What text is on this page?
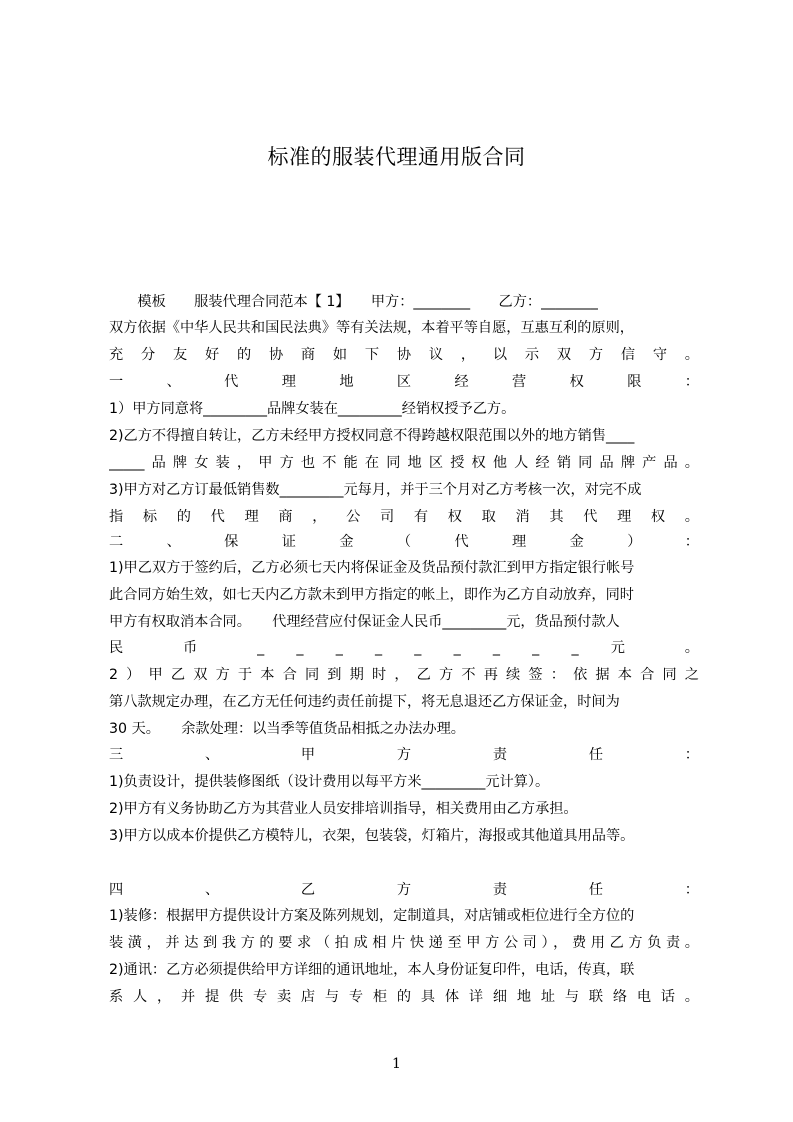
标准的服装代理通用版合同
　　模板　　服装代理合同范本【 1】　　甲方：________　　乙方：________
双方依据《中华人民共和国民法典》等有关法规，本着平等自愿，互惠互利的原则，
充 分 友 好 的 协 商 如 下 协 议 ， 以 示 双 方 信 守 。
一 、 代 理 地 区 经 营 权 限 ：
1）甲方同意将_________品牌女装在_________经销权授予乙方。
2)乙方不得擅自转让，乙方未经甲方授权同意不得跨越权限范围以外的地方销售____
_____品牌女装，甲方也不能在同地区授权他人经销同品牌产品。
3)甲方对乙方订最低销售数_________元每月，并于三个月对乙方考核一次，对完不成
指 标 的 代 理 商 ， 公 司 有 权 取 消 其 代 理 权 。
二 、 保 证 金 （ 代 理 金 ） ：
1)甲乙双方于签约后，乙方必须七天内将保证金及货品预付款汇到甲方指定银行帐号
此合同方始生效，如七天内乙方款未到甲方指定的帐上，即作为乙方自动放弃，同时
甲方有权取消本合同。　　代理经营应付保证金人民币_________元，货品预付款人
民 币 _ _ _ _ _ _ _ _ _ 元 。
2）甲乙双方于本合同到期时，乙方不再续签：依据本合同之
第八款规定办理，在乙方无任何违约责任前提下，将无息退还乙方保证金，时间为
30 天。　　余款处理：以当季等值货品相抵之办法办理。
三 、 甲 方 责 任 ：
1)负责设计，提供装修图纸（设计费用以每平方米_________元计算）。
2)甲方有义务协助乙方为其营业人员安排培训指导，相关费用由乙方承担。
3)甲方以成本价提供乙方模特儿，衣架，包装袋，灯箱片，海报或其他道具用品等。
四 、 乙 方 责 任 ：
1)装修：根据甲方提供设计方案及陈列规划，定制道具，对店铺或柜位进行全方位的
装潢，并达到我方的要求（拍成相片快递至甲方公司），费用乙方负责。
2)通讯：乙方必须提供给甲方详细的通讯地址，本人身份证复印件，电话，传真，联
系 人 ， 并 提 供 专 卖 店 与 专 柜 的 具 体 详 细 地 址 与 联 络 电 话 。
1
